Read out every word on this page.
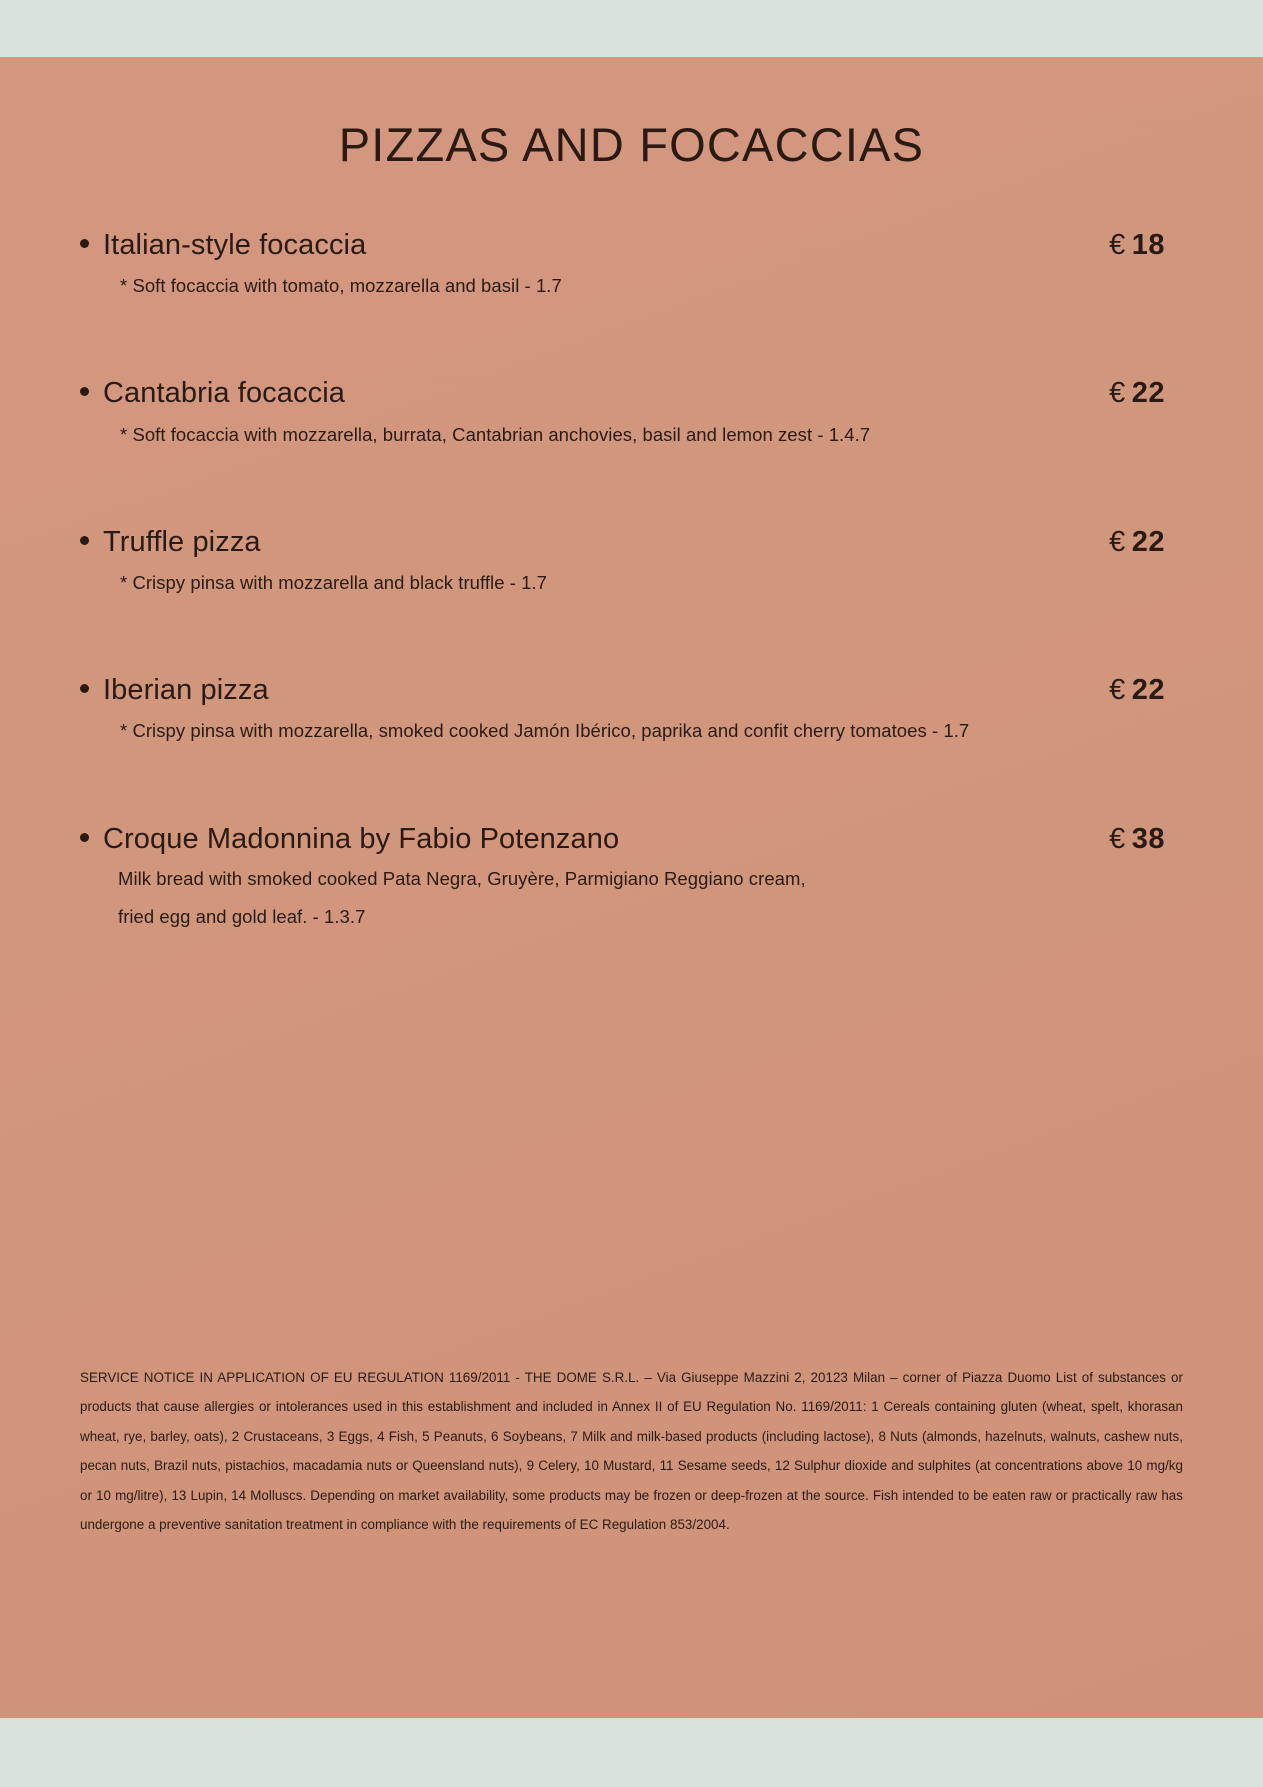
PIZZAS AND FOCACCIAS
Italian-style focaccia	€ 18
* Soft focaccia with tomato, mozzarella and basil - 1.7
Cantabria focaccia	€ 22
* Soft focaccia with mozzarella, burrata, Cantabrian anchovies, basil and lemon zest - 1.4.7
Truffle pizza	€ 22
* Crispy pinsa with mozzarella and black truffle - 1.7
Iberian pizza	€ 22
* Crispy pinsa with mozzarella, smoked cooked Jamón Ibérico, paprika and confit cherry tomatoes - 1.7
Croque Madonnina by Fabio Potenzano	€ 38
Milk bread with smoked cooked Pata Negra, Gruyère, Parmigiano Reggiano cream,
fried egg and gold leaf. - 1.3.7
SERVICE NOTICE IN APPLICATION OF EU REGULATION 1169/2011 - THE DOME S.R.L. – Via Giuseppe Mazzini 2, 20123 Milan – corner of Piazza Duomo List of substances or products that cause allergies or intolerances used in this establishment and included in Annex II of EU Regulation No. 1169/2011: 1 Cereals containing gluten (wheat, spelt, khorasan wheat, rye, barley, oats), 2 Crustaceans, 3 Eggs, 4 Fish, 5 Peanuts, 6 Soybeans, 7 Milk and milk-based products (including lactose), 8 Nuts (almonds, hazelnuts, walnuts, cashew nuts, pecan nuts, Brazil nuts, pistachios, macadamia nuts or Queensland nuts), 9 Celery, 10 Mustard, 11 Sesame seeds, 12 Sulphur dioxide and sulphites (at concentrations above 10 mg/kg or 10 mg/litre), 13 Lupin, 14 Molluscs. Depending on market availability, some products may be frozen or deep-frozen at the source. Fish intended to be eaten raw or practically raw has undergone a preventive sanitation treatment in compliance with the requirements of EC Regulation 853/2004.
